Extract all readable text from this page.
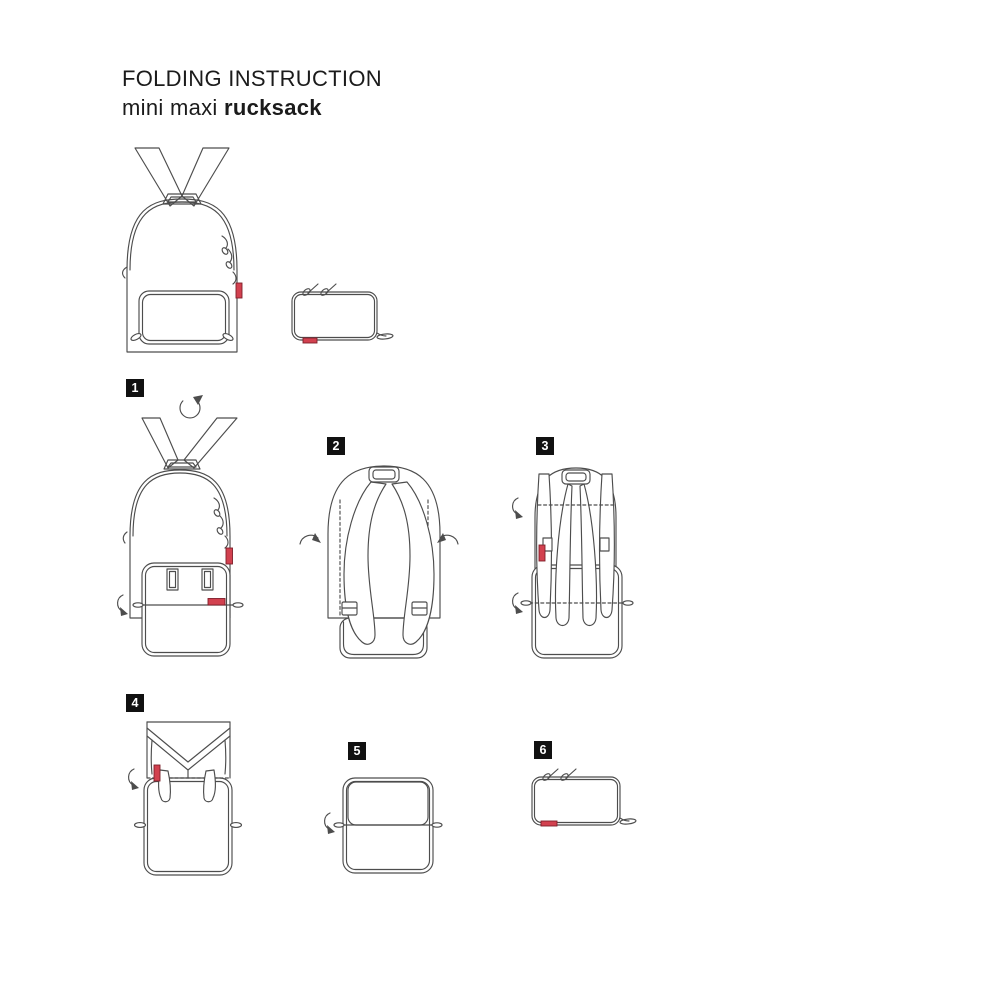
FOLDING INSTRUCTION
mini maxi rucksack
1
2	3
4
5	6
